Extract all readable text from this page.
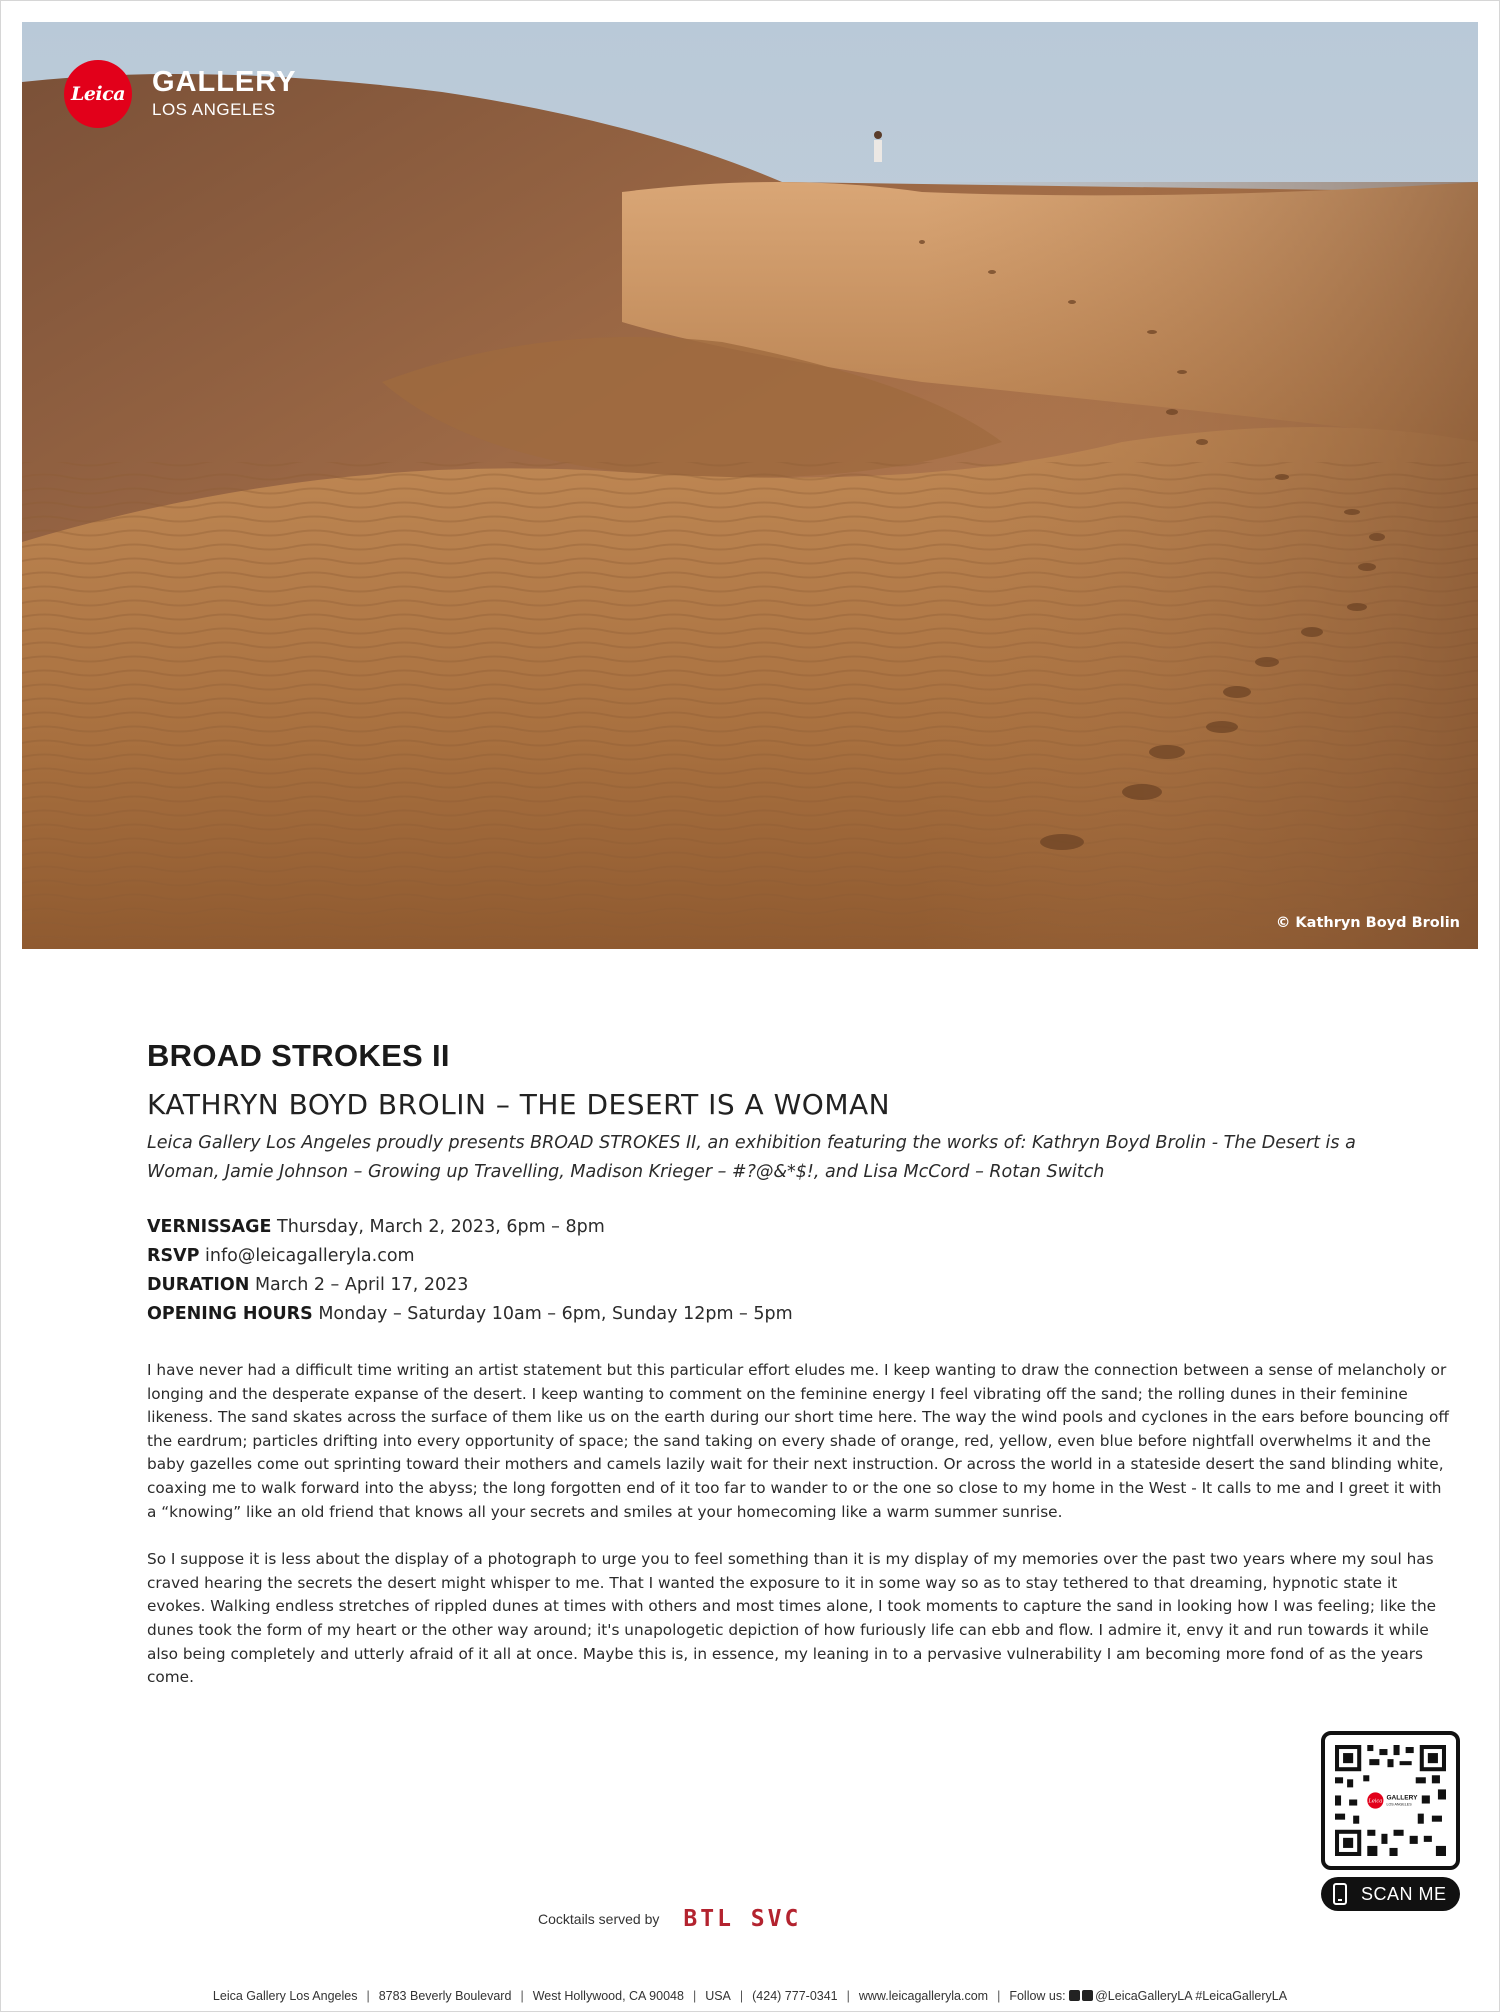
Leica GALLERY
LOS ANGELES
© Kathryn Boyd Brolin
BROAD STROKES II
KATHRYN BOYD BROLIN – THE DESERT IS A WOMAN

Leica Gallery Los Angeles proudly presents BROAD STROKES II, an exhibition featuring the works of: Kathryn Boyd Brolin - The Desert is a Woman, Jamie Johnson – Growing up Travelling, Madison Krieger – #?@&*$!, and Lisa McCord – Rotan Switch

VERNISSAGE Thursday, March 2, 2023, 6pm – 8pm
RSVP info@leicagalleryla.com
DURATION March 2 – April 17, 2023
OPENING HOURS Monday – Saturday 10am – 6pm, Sunday 12pm – 5pm

I have never had a difficult time writing an artist statement but this particular effort eludes me. I keep wanting to draw the connection between a sense of melancholy or longing and the desperate expanse of the desert. I keep wanting to comment on the feminine energy I feel vibrating off the sand; the rolling dunes in their feminine likeness. The sand skates across the surface of them like us on the earth during our short time here. The way the wind pools and cyclones in the ears before bouncing off the eardrum; particles drifting into every opportunity of space; the sand taking on every shade of orange, red, yellow, even blue before nightfall overwhelms it and the baby gazelles come out sprinting toward their mothers and camels lazily wait for their next instruction. Or across the world in a stateside desert the sand blinding white, coaxing me to walk forward into the abyss; the long forgotten end of it too far to wander to or the one so close to my home in the West - It calls to me and I greet it with a “knowing” like an old friend that knows all your secrets and smiles at your homecoming like a warm summer sunrise.

So I suppose it is less about the display of a photograph to urge you to feel something than it is my display of my memories over the past two years where my soul has craved hearing the secrets the desert might whisper to me. That I wanted the exposure to it in some way so as to stay tethered to that dreaming, hypnotic state it evokes. Walking endless stretches of rippled dunes at times with others and most times alone, I took moments to capture the sand in looking how I was feeling; like the dunes took the form of my heart or the other way around; it's unapologetic depiction of how furiously life can ebb and flow. I admire it, envy it and run towards it while also being completely and utterly afraid of it all at once. Maybe this is, in essence, my leaning in to a pervasive vulnerability I am becoming more fond of as the years come.

Leica
GALLERY
LOS ANGELES
SCAN ME
Cocktails served by BTL SVC
Leica Gallery Los Angeles | 8783 Beverly Boulevard | West Hollywood, CA 90048 | USA | (424) 777-0341 | www.leicagalleryla.com | Follow us: @LeicaGalleryLA #LeicaGalleryLA
